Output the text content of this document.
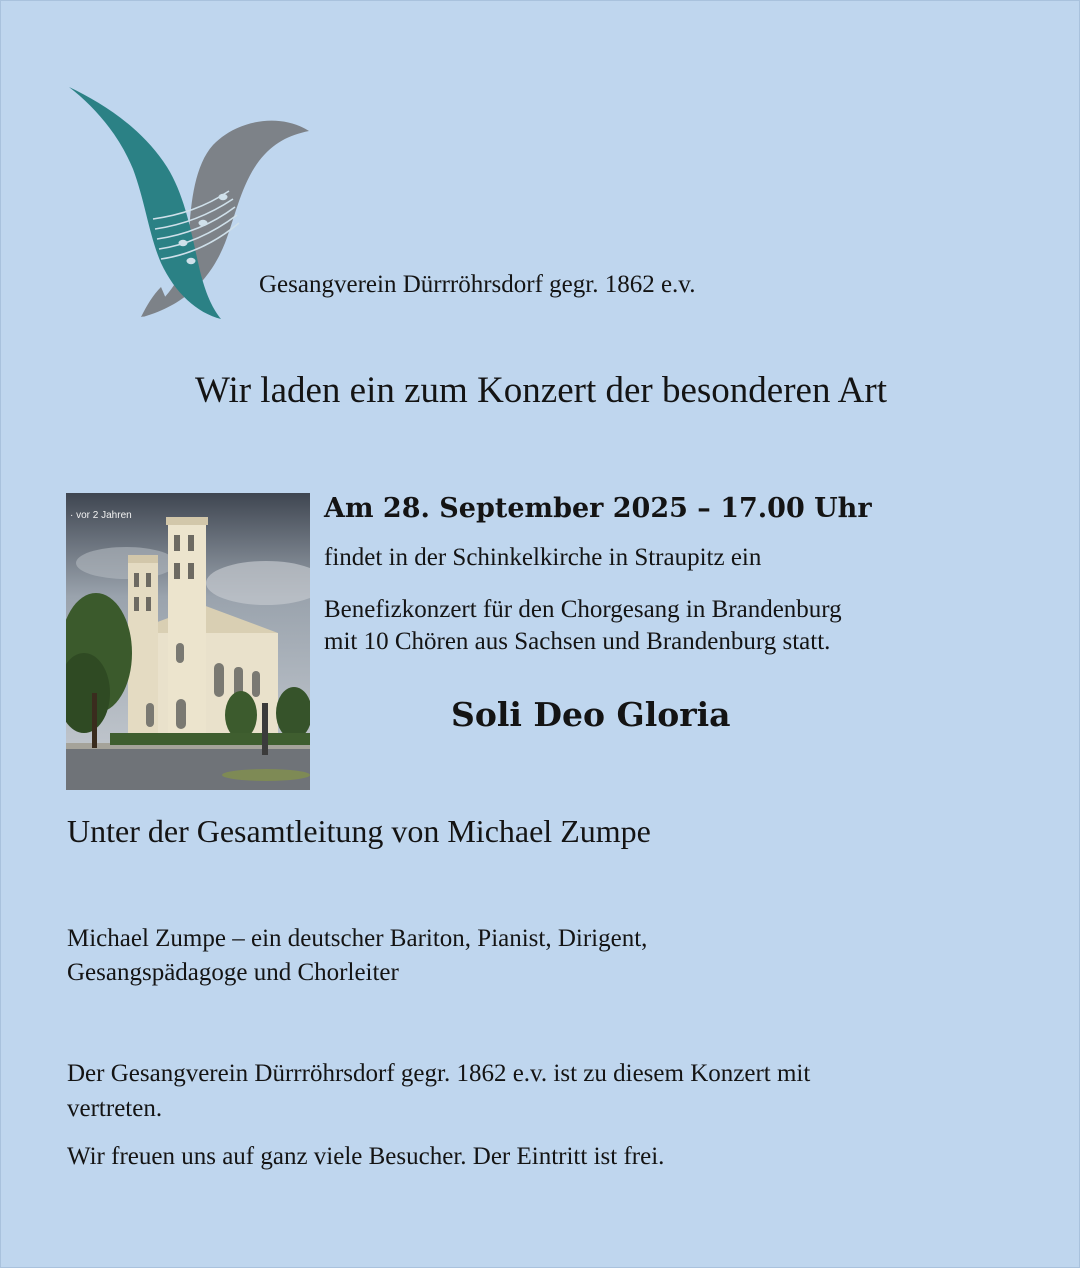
Gesangverein Dürrröhrsdorf gegr. 1862 e.v.
Wir laden ein zum Konzert der besonderen Art
· vor 2 Jahren	Am 28. September 2025 – 17.00 Uhr
findet in der Schinkelkirche in Straupitz ein
Benefizkonzert für den Chorgesang in Brandenburg
mit 10 Chören aus Sachsen und Brandenburg statt.
Soli Deo Gloria
Unter der Gesamtleitung von Michael Zumpe
Michael Zumpe – ein deutscher Bariton, Pianist, Dirigent,
Gesangspädagoge und Chorleiter
Der Gesangverein Dürrröhrsdorf gegr. 1862 e.v. ist zu diesem Konzert mit
vertreten.
Wir freuen uns auf ganz viele Besucher. Der Eintritt ist frei.
